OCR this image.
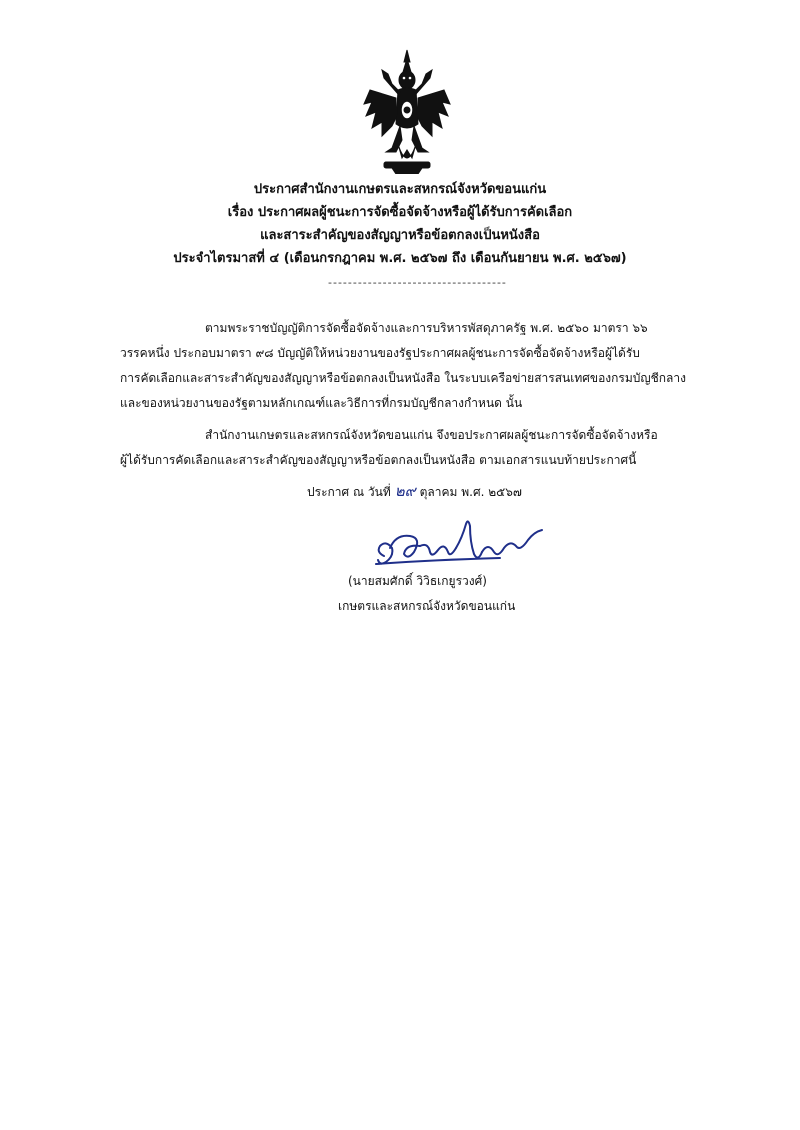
ประกาศสำนักงานเกษตรและสหกรณ์จังหวัดขอนแก่น
เรื่อง ประกาศผลผู้ชนะการจัดซื้อจัดจ้างหรือผู้ได้รับการคัดเลือก
และสาระสำคัญของสัญญาหรือข้อตกลงเป็นหนังสือ
ประจำไตรมาสที่ ๔ (เดือนกรกฎาคม พ.ศ. ๒๕๖๗ ถึง เดือนกันยายน พ.ศ. ๒๕๖๗)
------------------------------------
ตามพระราชบัญญัติการจัดซื้อจัดจ้างและการบริหารพัสดุภาครัฐ พ.ศ. ๒๕๖๐ มาตรา ๖๖
วรรคหนึ่ง ประกอบมาตรา ๙๘ บัญญัติให้หน่วยงานของรัฐประกาศผลผู้ชนะการจัดซื้อจัดจ้างหรือผู้ได้รับ
การคัดเลือกและสาระสำคัญของสัญญาหรือข้อตกลงเป็นหนังสือ ในระบบเครือข่ายสารสนเทศของกรมบัญชีกลาง
และของหน่วยงานของรัฐตามหลักเกณฑ์และวิธีการที่กรมบัญชีกลางกำหนด นั้น
สำนักงานเกษตรและสหกรณ์จังหวัดขอนแก่น จึงขอประกาศผลผู้ชนะการจัดซื้อจัดจ้างหรือ
ผู้ได้รับการคัดเลือกและสาระสำคัญของสัญญาหรือข้อตกลงเป็นหนังสือ ตามเอกสารแนบท้ายประกาศนี้
ประกาศ ณ วันที่ ๒๙ ตุลาคม พ.ศ. ๒๕๖๗
(นายสมศักดิ์ วิวิธเกยูรวงศ์)
เกษตรและสหกรณ์จังหวัดขอนแก่น
